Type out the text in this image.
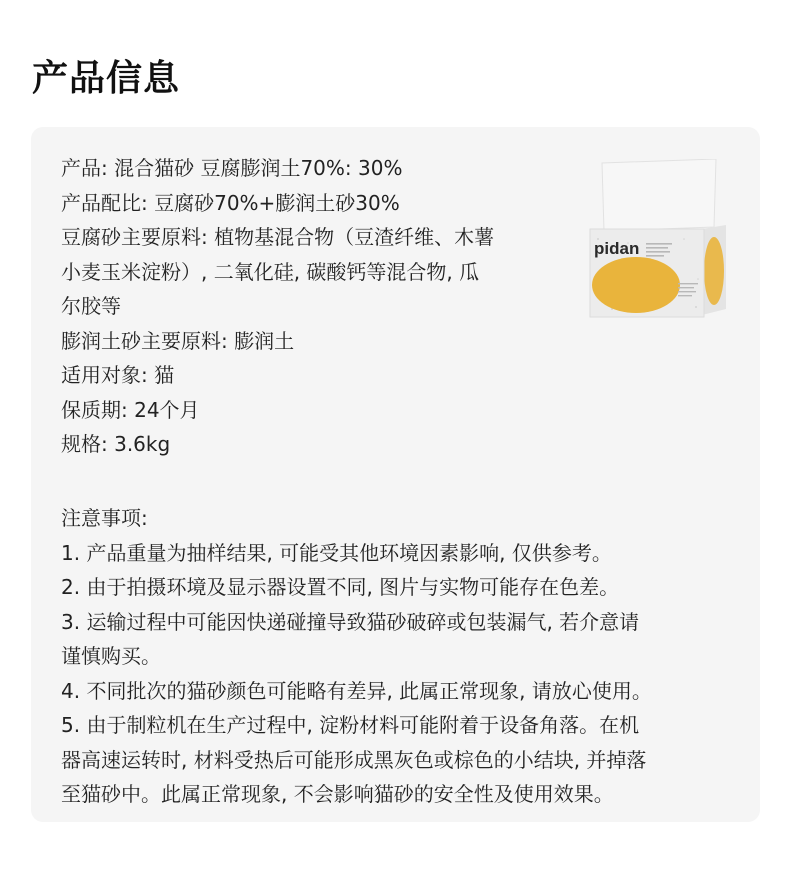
产品信息
产品: 混合猫砂 豆腐膨润土70%: 30%
产品配比: 豆腐砂70%+膨润土砂30%
豆腐砂主要原料: 植物基混合物（豆渣纤维、木薯
小麦玉米淀粉）, 二氧化硅, 碳酸钙等混合物, 瓜
尔胶等
膨润土砂主要原料: 膨润土
适用对象: 猫
保质期: 24个月
规格: 3.6kg
pidan
注意事项:
1. 产品重量为抽样结果, 可能受其他环境因素影响, 仅供参考。
2. 由于拍摄环境及显示器设置不同, 图片与实物可能存在色差。
3. 运输过程中可能因快递碰撞导致猫砂破碎或包装漏气, 若介意请
谨慎购买。
4. 不同批次的猫砂颜色可能略有差异, 此属正常现象, 请放心使用。
5. 由于制粒机在生产过程中, 淀粉材料可能附着于设备角落。在机
器高速运转时, 材料受热后可能形成黑灰色或棕色的小结块, 并掉落
至猫砂中。此属正常现象, 不会影响猫砂的安全性及使用效果。
